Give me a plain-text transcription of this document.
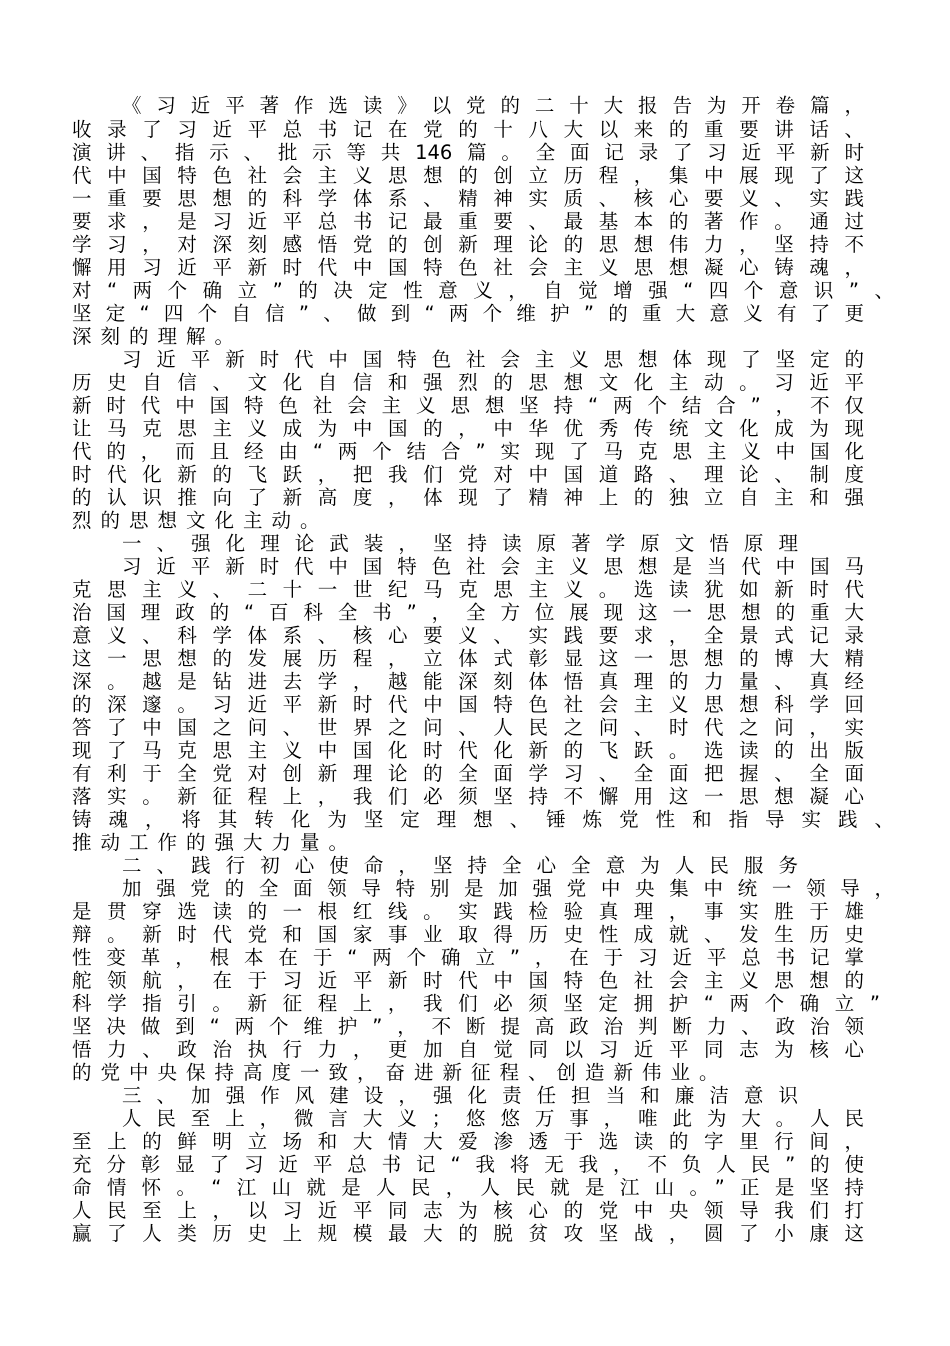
《习近平著作选读》以党的二十大报告为开卷篇，
收录了习近平总书记在党的十八大以来的重要讲话、
演讲、指示、批示等共146篇。全面记录了习近平新时
代中国特色社会主义思想的创立历程，集中展现了这
一重要思想的科学体系、精神实质、核心要义、实践
要求，是习近平总书记最重要、最基本的著作。通过
学习，对深刻感悟党的创新理论的思想伟力，坚持不
懈用习近平新时代中国特色社会主义思想凝心铸魂，
对“两个确立”的决定性意义，自觉增强“四个意识”、
坚定“四个自信”、做到“两个维护”的重大意义有了更
深刻的理解。
习近平新时代中国特色社会主义思想体现了坚定的
历史自信、文化自信和强烈的思想文化主动。习近平
新时代中国特色社会主义思想坚持“两个结合”，不仅
让马克思主义成为中国的，中华优秀传统文化成为现
代的，而且经由“两个结合”实现了马克思主义中国化
时代化新的飞跃，把我们党对中国道路、理论、制度
的认识推向了新高度，体现了精神上的独立自主和强
烈的思想文化主动。
一、强化理论武装，坚持读原著学原文悟原理
习近平新时代中国特色社会主义思想是当代中国马
克思主义、二十一世纪马克思主义。选读犹如新时代
治国理政的“百科全书”，全方位展现这一思想的重大
意义、科学体系、核心要义、实践要求，全景式记录
这一思想的发展历程，立体式彰显这一思想的博大精
深。越是钻进去学，越能深刻体悟真理的力量、真经
的深邃。习近平新时代中国特色社会主义思想科学回
答了中国之问、世界之问、人民之问、时代之问，实
现了马克思主义中国化时代化新的飞跃。选读的出版
有利于全党对创新理论的全面学习、全面把握、全面
落实。新征程上，我们必须坚持不懈用这一思想凝心
铸魂，将其转化为坚定理想、锤炼党性和指导实践、
推动工作的强大力量。
二、践行初心使命，坚持全心全意为人民服务
加强党的全面领导特别是加强党中央集中统一领导，
是贯穿选读的一根红线。实践检验真理，事实胜于雄
辩。新时代党和国家事业取得历史性成就、发生历史
性变革，根本在于“两个确立”，在于习近平总书记掌
舵领航，在于习近平新时代中国特色社会主义思想的
科学指引。新征程上，我们必须坚定拥护“两个确立”
坚决做到“两个维护”，不断提高政治判断力、政治领
悟力、政治执行力，更加自觉同以习近平同志为核心
的党中央保持高度一致，奋进新征程、创造新伟业。
三、加强作风建设，强化责任担当和廉洁意识
人民至上，微言大义；悠悠万事，唯此为大。人民
至上的鲜明立场和大情大爱渗透于选读的字里行间，
充分彰显了习近平总书记“我将无我，不负人民”的使
命情怀。“江山就是人民，人民就是江山。”正是坚持
人民至上，以习近平同志为核心的党中央领导我们打
赢了人类历史上规模最大的脱贫攻坚战，圆了小康这
